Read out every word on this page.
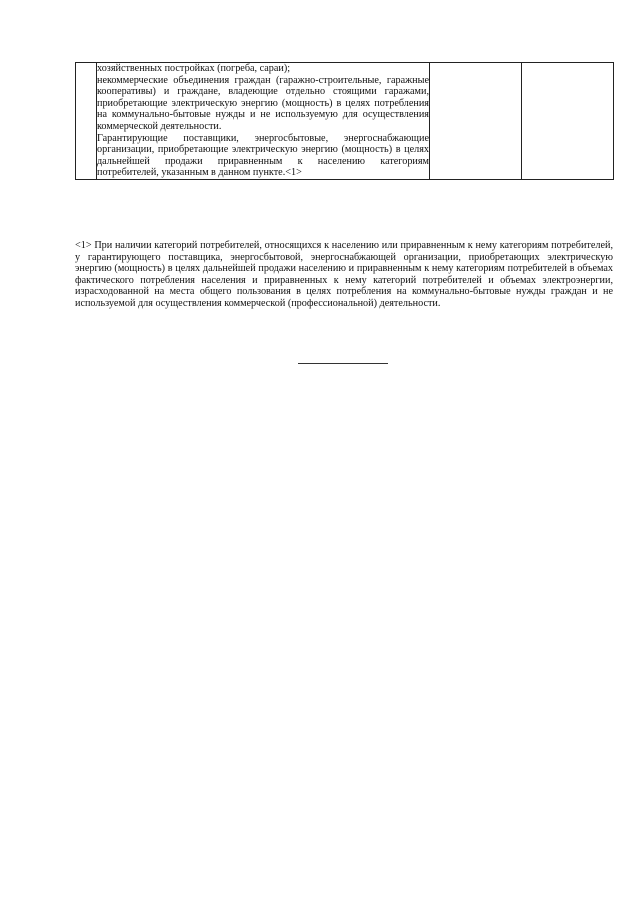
хозяйственных постройках (погреба, сараи);

некоммерческие объединения граждан (гаражно-строительные, гаражные кооперативы) и граждане, владеющие отдельно стоящими гаражами, приобретающие электрическую энергию (мощность) в целях потребления на коммунально-бытовые нужды и не используемую для осуществления коммерческой деятельности.

Гарантирующие поставщики, энергосбытовые, энергоснабжающие организации, приобретающие электрическую энергию (мощность) в целях дальнейшей продажи приравненным к населению категориям потребителей, указанным в данном пункте.<1>

<1> При наличии категорий потребителей, относящихся к населению или приравненным к нему категориям потребителей, у гарантирующего поставщика, энергосбытовой, энергоснабжающей организации, приобретающих электрическую энергию (мощность) в целях дальнейшей продажи населению и приравненным к нему категориям потребителей в объемах фактического потребления населения и приравненных к нему категорий потребителей и объемах электроэнергии, израсходованной на места общего пользования в целях потребления на коммунально-бытовые нужды граждан и не используемой для осуществления коммерческой (профессиональной) деятельности.
